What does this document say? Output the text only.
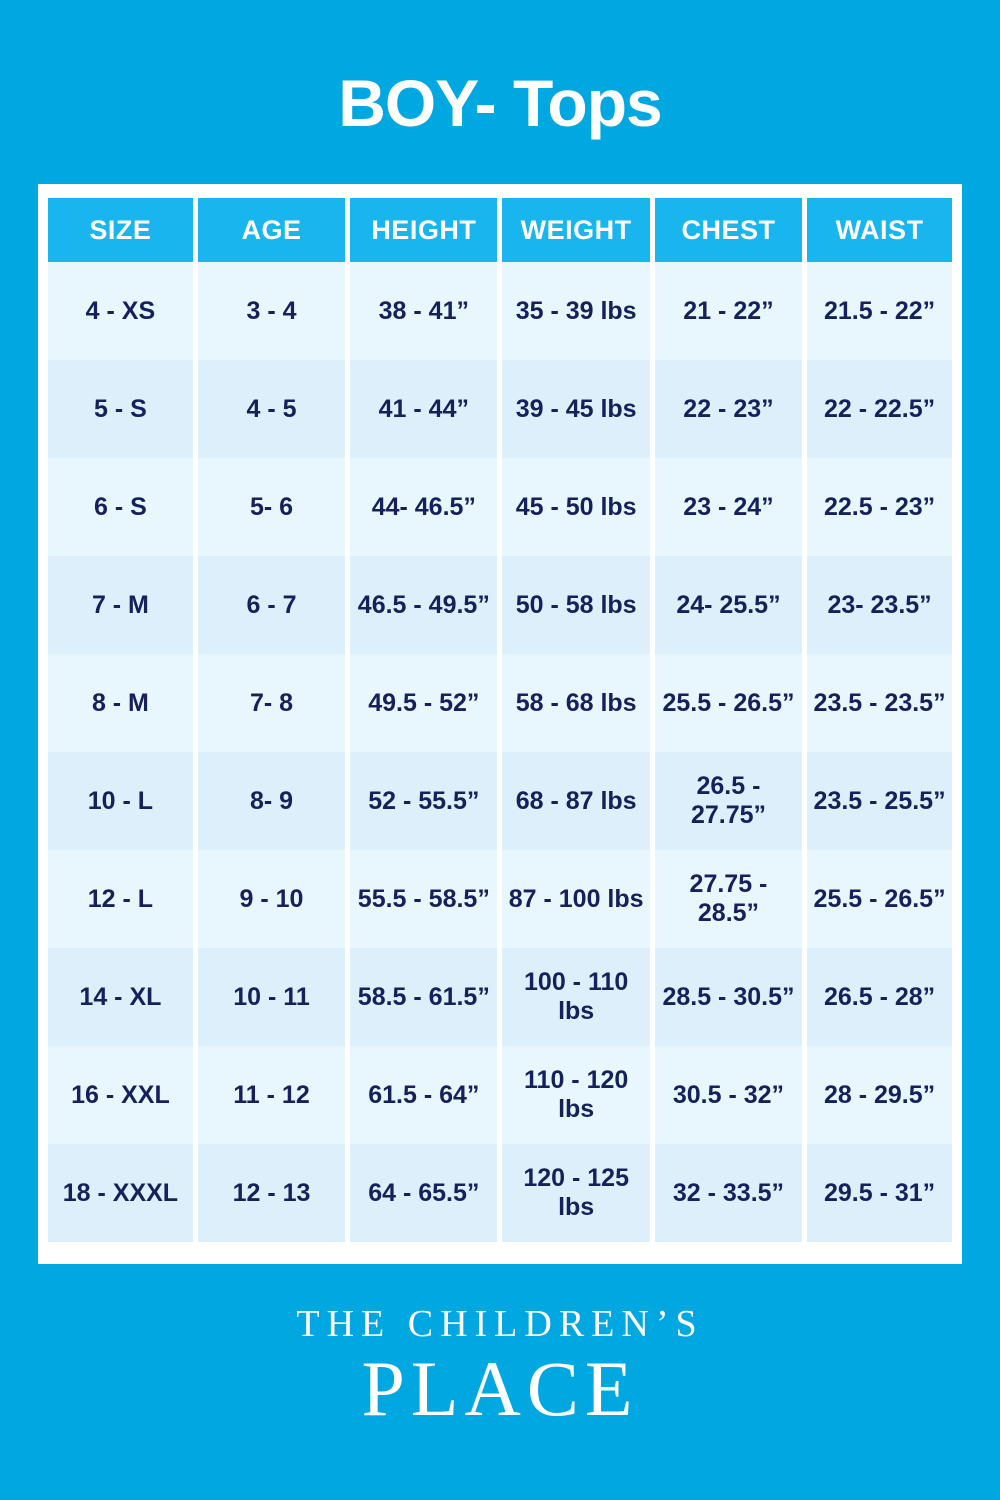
BOY- Tops
SIZE	AGE	HEIGHT	WEIGHT	CHEST	WAIST
4 - XS	3 - 4	38 - 41”	35 - 39 lbs	21 - 22”	21.5 - 22”
5 - S	4 - 5	41 - 44”	39 - 45 lbs	22 - 23”	22 - 22.5”
6 - S	5- 6	44- 46.5”	45 - 50 lbs	23 - 24”	22.5 - 23”
7 - M	6 - 7	46.5 - 49.5”	50 - 58 lbs	24- 25.5”	23- 23.5”
8 - M	7- 8	49.5 - 52”	58 - 68 lbs	25.5 - 26.5”	23.5 - 23.5”
10 - L	8- 9	52 - 55.5”	68 - 87 lbs	26.5 - 27.75”	23.5 - 25.5”
12 - L	9 - 10	55.5 - 58.5”	87 - 100 lbs	27.75 - 28.5”	25.5 - 26.5”
14 - XL	10 - 11	58.5 - 61.5”	100 - 110 lbs	28.5 - 30.5”	26.5 - 28”
16 - XXL	11 - 12	61.5 - 64”	110 - 120 lbs	30.5 - 32”	28 - 29.5”
18 - XXXL	12 - 13	64 - 65.5”	120 - 125 lbs	32 - 33.5”	29.5 - 31”
THE CHILDREN’S
PLACE
